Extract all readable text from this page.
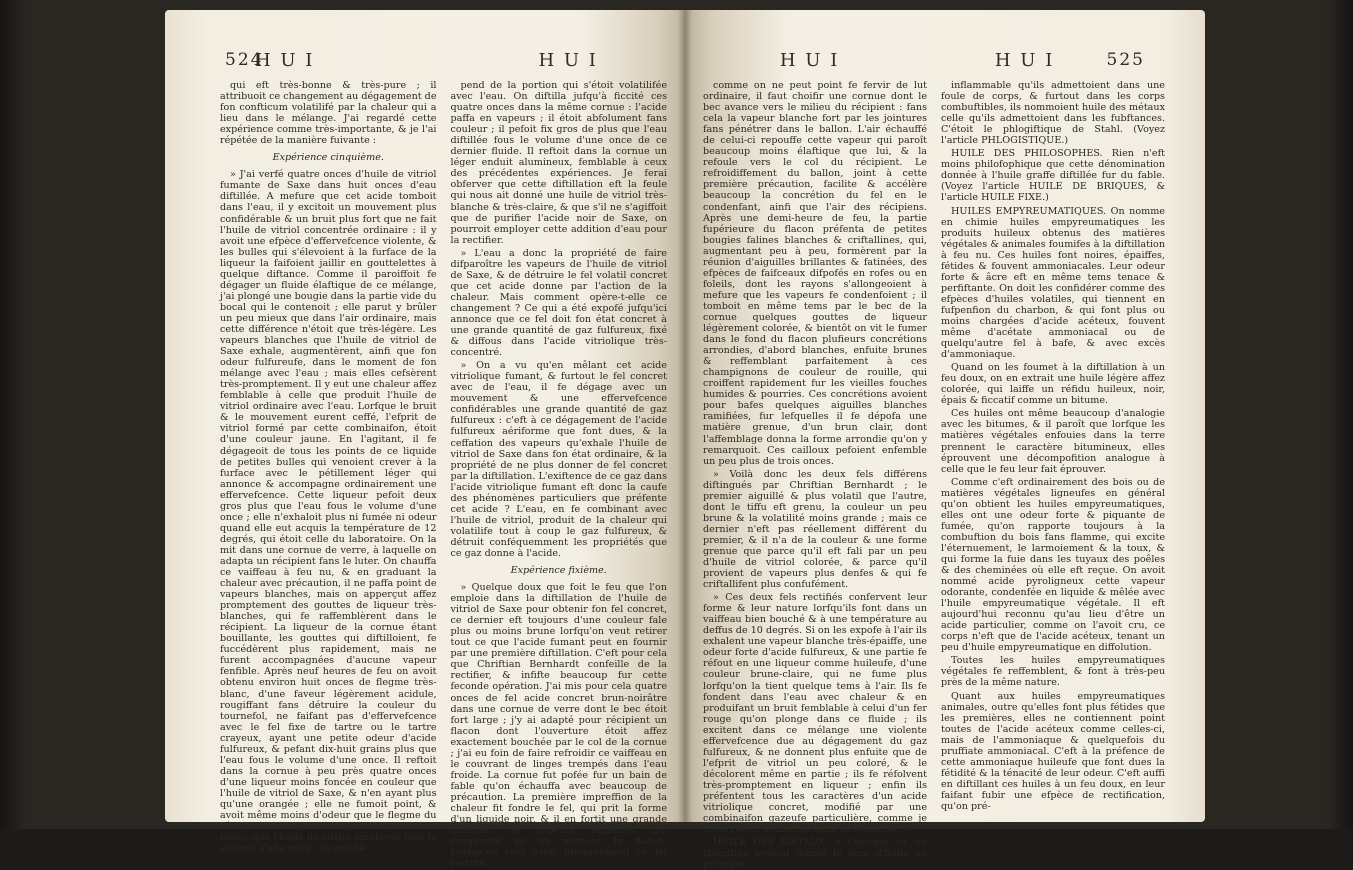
524
H U I	H U I

qui eft très-bonne & très-pure ; il attribuoit ce changement au dégagement de fon confticum volatilifé par la chaleur qui a lieu dans le mélange. J'ai regardé cette expérience comme très-importante, & je l'ai répétée de la manière fuivante :

Expérience cinquième.

» J'ai verfé quatre onces d'huile de vitriol fumante de Saxe dans huit onces d'eau diftillée. A mefure que cet acide tomboit dans l'eau, il y excitoit un mouvement plus confidérable & un bruit plus fort que ne fait l'huile de vitriol concentrée ordinaire : il y avoit une efpèce d'effervefcence violente, & les bulles qui s'élevoient à la furface de la liqueur la faifoient jaillir en gouttelettes à quelque diftance. Comme il paroiffoit fe dégager un fluide élaftique de ce mélange, j'ai plongé une bougie dans la partie vide du bocal qui le contenoit ; elle parut y brûler un peu mieux que dans l'air ordinaire, mais cette différence n'étoit que très-légère. Les vapeurs blanches que l'huile de vitriol de Saxe exhale, augmentèrent, ainfi que fon odeur fulfureufe, dans le moment de fon mélange avec l'eau ; mais elles cefsèrent très-promptement. Il y eut une chaleur affez femblable à celle que produit l'huile de vitriol ordinaire avec l'eau. Lorfque le bruit & le mouvement eurent ceffé, l'efprit de vitriol formé par cette combinaifon, étoit d'une couleur jaune. En l'agitant, il fe dégageoit de tous les points de ce liquide de petites bulles qui venoient crever à la furface avec le pétillement léger qui annonce & accompagne ordinairement une effervefcence. Cette liqueur pefoit deux gros plus que l'eau fous le volume d'une once ; elle n'exhaloit plus ni fumée ni odeur quand elle eut acquis la température de 12 degrés, qui étoit celle du laboratoire. On la mit dans une cornue de verre, à laquelle on adapta un récipient fans le luter. On chauffa ce vaiffeau à feu nu, & en graduant la chaleur avec précaution, il ne paffa point de vapeurs blanches, mais on apperçut affez promptement des gouttes de liqueur très-blanches, qui fe raffemblèrent dans le récipient. La liqueur de la cornue étant bouillante, les gouttes qui diftilloient, fe fuccédèrent plus rapidement, mais ne furent accompagnées d'aucune vapeur fenfible. Après neuf heures de feu on avoit obtenu environ huit onces de flegme très-blanc, d'une faveur légèrement acidule, rougiffant fans détruire la couleur du tournefol, ne faifant pas d'effervefcence avec le fel fixe de tartre ou le tartre crayeux, ayant une petite odeur d'acide fulfureux, & pefant dix-huit grains plus que l'eau fous le volume d'une once. Il reftoit dans la cornue à peu près quatre onces d'une liqueur moins foncée en couleur que l'huile de vitriol de Saxe, & n'en ayant plus qu'une orangée ; elle ne fumoit point, & avoit même moins d'odeur que le flegme du récipient ; elle pefoit vingt-deux grains de moins que l'huile de vitriol employée fous le volume d'une once ; ce qui dé-

pend de la portion qui s'étoit volatilifée avec l'eau. On diftilla jufqu'à ficcité ces quatre onces dans la même cornue : l'acide paffa en vapeurs ; il étoit abfolument fans couleur ; il pefoit fix gros de plus que l'eau diftillée fous le volume d'une once de ce dernier fluide. Il reftoit dans la cornue un léger enduit alumineux, femblable à ceux des précédentes expériences. Je ferai obferver que cette diftillation eft la feule qui nous ait donné une huile de vitriol très-blanche & très-claire, & que s'il ne s'agiffoit que de purifier l'acide noir de Saxe, on pourroit employer cette addition d'eau pour la rectifier.

» L'eau a donc la propriété de faire difparoître les vapeurs de l'huile de vitriol de Saxe, & de détruire le fel volatil concret que cet acide donne par l'action de la chaleur. Mais comment opère-t-elle ce changement ? Ce qui a été expofé jufqu'ici annonce que ce fel doit fon état concret à une grande quantité de gaz fulfureux, fixé & diffous dans l'acide vitriolique très-concentré.

» On a vu qu'en mêlant cet acide vitriolique fumant, & furtout le fel concret avec de l'eau, il fe dégage avec un mouvement & une effervefcence confidérables une grande quantité de gaz fulfureux : c'eft à ce dégagement de l'acide fulfureux aériforme que font dues, & la ceffation des vapeurs qu'exhale l'huile de vitriol de Saxe dans fon état ordinaire, & la propriété de ne plus donner de fel concret par la diftillation. L'exiftence de ce gaz dans l'acide vitriolique fumant eft donc la caufe des phénomènes particuliers que préfente cet acide ? L'eau, en fe combinant avec l'huile de vitriol, produit de la chaleur qui volatilife tout à coup le gaz fulfureux, & détruit conféquemment les propriétés que ce gaz donne à l'acide.

Expérience fixième.

» Quelque doux que foit le feu que l'on emploie dans la diftillation de l'huile de vitriol de Saxe pour obtenir fon fel concret, ce dernier eft toujours d'une couleur fale plus ou moins brune lorfqu'on veut retirer tout ce que l'acide fumant peut en fournir par une première diftillation. C'eft pour cela que Chriftian Bernhardt confeille de la rectifier, & infifte beaucoup fur cette feconde opération. J'ai mis pour cela quatre onces de fel acide concret brun-noirâtre dans une cornue de verre dont le bec étoit fort large ; j'y ai adapté pour récipient un flacon dont l'ouverture étoit affez exactement bouchée par le col de la cornue ; j'ai eu foin de faire refroidir ce vaiffeau en le couvrant de linges trempés dans l'eau froide. La cornue fut pofée fur un bain de fable qu'on échauffa avec beaucoup de précaution. La première impreffion de la chaleur fit fondre le fel, qui prit la forme d'un liquide noir, & il en fortit une grande quantité de vapeurs blanches qui remplirent en un moment le flacon. Lorfqu'on veut avoir promptement ce fel rectifié,

H U I	H U I	525

comme on ne peut point fe fervir de lut ordinaire, il faut choifir une cornue dont le bec avance vers le milieu du récipient : fans cela la vapeur blanche fort par les jointures fans pénétrer dans le ballon. L'air échauffé de celui-ci repouffe cette vapeur qui paroît beaucoup moins élaftique que lui, & la refoule vers le col du récipient. Le refroidiffement du ballon, joint à cette première précaution, facilite & accélère beaucoup la concrétion du fel en le condenfant, ainfi que l'air des récipiens. Après une demi-heure de feu, la partie fupérieure du flacon préfenta de petites bougies falines blanches & criftallines, qui, augmentant peu à peu, formèrent par la réunion d'aiguilles brillantes & fatinées, des efpèces de faifceaux difpofés en rofes ou en foleils, dont les rayons s'allongeoient à mefure que les vapeurs fe condenfoient ; il tomboit en même tems par le bec de la cornue quelques gouttes de liqueur légèrement colorée, & bientôt on vit le fumer dans le fond du flacon plufieurs concrétions arrondies, d'abord blanches, enfuite brunes & reffemblant parfaitement à ces champignons de couleur de rouille, qui croiffent rapidement fur les vieilles fouches humides & pourries. Ces concrétions avoient pour bafes quelques aiguilles blanches ramifiées, fur lefquelles il fe dépofa une matière grenue, d'un brun clair, dont l'affemblage donna la forme arrondie qu'on y remarquoit. Ces cailloux pefoient enfemble un peu plus de trois onces.

» Voilà donc les deux fels différens diftingués par Chriftian Bernhardt ; le premier aiguillé & plus volatil que l'autre, dont le tiffu eft grenu, la couleur un peu brune & la volatilité moins grande ; mais ce dernier n'eft pas réellement différent du premier, & il n'a de la couleur & une forme grenue que parce qu'il eft fali par un peu d'huile de vitriol colorée, & parce qu'il provient de vapeurs plus denfes & qui fe criftallifent plus confufément.

» Ces deux fels rectifiés confervent leur forme & leur nature lorfqu'ils font dans un vaiffeau bien bouché & à une température au deffus de 10 degrés. Si on les expofe à l'air ils exhalent une vapeur blanche très-épaiffe, une odeur forte d'acide fulfureux, & une partie fe réfout en une liqueur comme huileufe, d'une couleur brune-claire, qui ne fume plus lorfqu'on la tient quelque tems à l'air. Ils fe fondent dans l'eau avec chaleur & en produifant un bruit femblable à celui d'un fer rouge qu'on plonge dans ce fluide ; ils excitent dans ce mélange une violente effervefcence due au dégagement du gaz fulfureux, & ne donnent plus enfuite que de l'efprit de vitriol un peu coloré, & le décolorent même en partie ; ils fe réfolvent très-promptement en liqueur ; enfin ils préfentent tous les caractères d'un acide vitriolique concret, modifié par une combinaifon gazeufe particulière, comme je crois l'avoir démontré dans ce Mémoire. »

HUILE DES MÉTAUX. A l'époque où les chimiftes avoient donné le nom d'huile au principe

inflammable qu'ils admettoient dans une foule de corps, & furtout dans les corps combuftibles, ils nommoient huile des métaux celle qu'ils admettoient dans les fubftances. C'étoit le phlogiftique de Stahl. (Voyez l'article PHLOGISTIQUE.)

HUILE DES PHILOSOPHES. Rien n'eft moins philofophique que cette dénomination donnée à l'huile graffe diftillée fur du fable. (Voyez l'article HUILE DE BRIQUES, & l'article HUILE FIXE.)

HUILES EMPYREUMATIQUES. On nomme en chimie huiles empyreumatiques les produits huileux obtenus des matières végétales & animales foumifes à la diftillation à feu nu. Ces huiles font noires, épaiffes, fétides & fouvent ammoniacales. Leur odeur forte & âcre eft en même tems tenace & perfiftante. On doit les confidérer comme des efpèces d'huiles volatiles, qui tiennent en fufpenfion du charbon, & qui font plus ou moins chargées d'acide acéteux, fouvent même d'acétate ammoniacal ou de quelqu'autre fel à bafe, & avec excès d'ammoniaque.

Quand on les foumet à la diftillation à un feu doux, on en extrait une huile légère affez colorée, qui laiffe un réfidu huileux, noir, épais & ficcatif comme un bitume.

Ces huiles ont même beaucoup d'analogie avec les bitumes, & il paroît que lorfque les matières végétales enfouies dans la terre prennent le caractère bitumineux, elles éprouvent une décompofition analogue à celle que le feu leur fait éprouver.

Comme c'eft ordinairement des bois ou de matières végétales ligneufes en général qu'on obtient les huiles empyreumatiques, elles ont une odeur forte & piquante de fumée, qu'on rapporte toujours à la combuftion du bois fans flamme, qui excite l'éternuement, le larmoiement & la toux, & qui forme la fuie dans les tuyaux des poêles & des cheminées où elle eft reçue. On avoit nommé acide pyroligneux cette vapeur odorante, condenfée en liquide & mêlée avec l'huile empyreumatique végétale. Il eft aujourd'hui reconnu qu'au lieu d'être un acide particulier, comme on l'avoit cru, ce corps n'eft que de l'acide acéteux, tenant un peu d'huile empyreumatique en diffolution.

Toutes les huiles empyreumatiques végétales fe reffemblent, & font à très-peu près de la même nature.

Quant aux huiles empyreumatiques animales, outre qu'elles font plus fétides que les premières, elles ne contiennent point toutes de l'acide acéteux comme celles-ci, mais de l'ammoniaque & quelquefois du pruffiate ammoniacal. C'eft à la préfence de cette ammoniaque huileufe que font dues la fétidité & la ténacité de leur odeur. C'eft auffi en diftillant ces huiles à un feu doux, en leur faifant fubir une efpèce de rectification, qu'on pré-
